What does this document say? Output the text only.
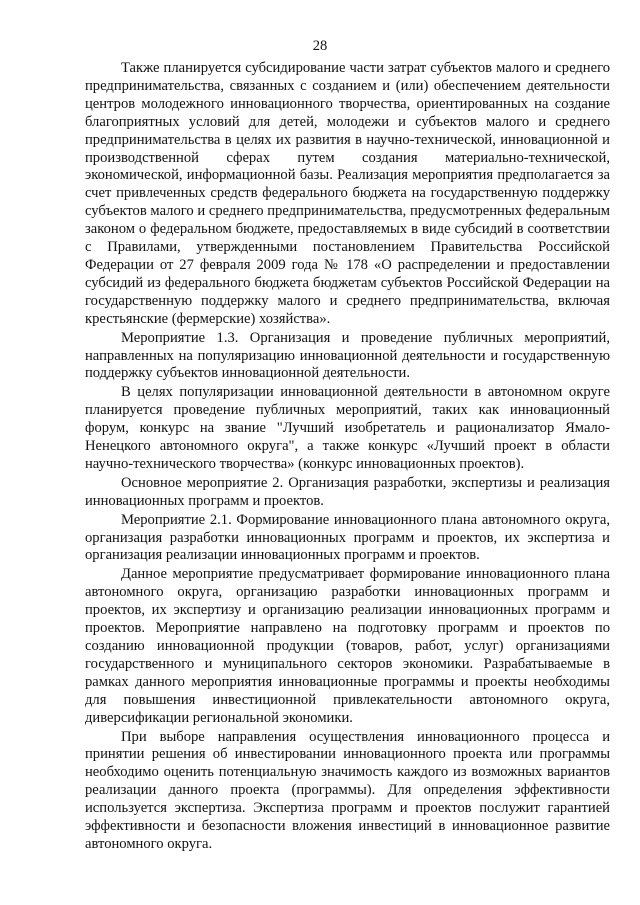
28

Также планируется субсидирование части затрат субъектов малого и среднего предпринимательства, связанных с созданием и (или) обеспечением деятельности центров молодежного инновационного творчества, ориентированных на создание благоприятных условий для детей, молодежи и субъектов малого и среднего предпринимательства в целях их развития в научно-технической, инновационной и производственной сферах путем создания материально-технической, экономической, информационной базы. Реализация мероприятия предполагается за счет привлеченных средств федерального бюджета на государственную поддержку субъектов малого и среднего предпринимательства, предусмотренных федеральным законом о федеральном бюджете, предоставляемых в виде субсидий в соответствии с Правилами, утвержденными постановлением Правительства Российской Федерации от 27 февраля 2009 года № 178 «О распределении и предоставлении субсидий из федерального бюджета бюджетам субъектов Российской Федерации на государственную поддержку малого и среднего предпринимательства, включая крестьянские (фермерские) хозяйства».

Мероприятие 1.3. Организация и проведение публичных мероприятий, направленных на популяризацию инновационной деятельности и государственную поддержку субъектов инновационной деятельности.

В целях популяризации инновационной деятельности в автономном округе планируется проведение публичных мероприятий, таких как инновационный форум, конкурс на звание "Лучший изобретатель и рационализатор Ямало-Ненецкого автономного округа", а также конкурс «Лучший проект в области научно-технического творчества» (конкурс инновационных проектов).

Основное мероприятие 2. Организация разработки, экспертизы и реализация инновационных программ и проектов.

Мероприятие 2.1. Формирование инновационного плана автономного округа, организация разработки инновационных программ и проектов, их экспертиза и организация реализации инновационных программ и проектов.

Данное мероприятие предусматривает формирование инновационного плана автономного округа, организацию разработки инновационных программ и проектов, их экспертизу и организацию реализации инновационных программ и проектов. Мероприятие направлено на подготовку программ и проектов по созданию инновационной продукции (товаров, работ, услуг) организациями государственного и муниципального секторов экономики. Разрабатываемые в рамках данного мероприятия инновационные программы и проекты необходимы для повышения инвестиционной привлекательности автономного округа, диверсификации региональной экономики.

При выборе направления осуществления инновационного процесса и принятии решения об инвестировании инновационного проекта или программы необходимо оценить потенциальную значимость каждого из возможных вариантов реализации данного проекта (программы). Для определения эффективности используется экспертиза. Экспертиза программ и проектов послужит гарантией эффективности и безопасности вложения инвестиций в инновационное развитие автономного округа.
